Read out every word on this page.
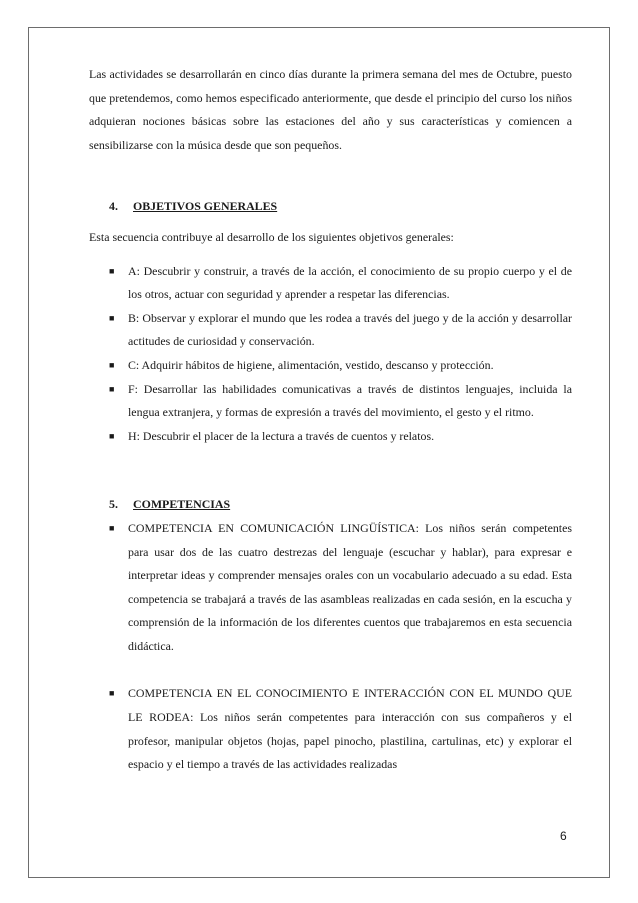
Las actividades se desarrollarán en cinco días durante la primera semana del mes de Octubre, puesto que pretendemos, como hemos especificado anteriormente, que desde el principio del curso los niños adquieran nociones básicas sobre las estaciones del año y sus características y comiencen a sensibilizarse con la música desde que son pequeños.

4.	OBJETIVOS GENERALES

Esta secuencia contribuye al desarrollo de los siguientes objetivos generales:

■ A: Descubrir y construir, a través de la acción, el conocimiento de su propio cuerpo y el de los otros, actuar con seguridad y aprender a respetar las diferencias.
■ B: Observar y explorar el mundo que les rodea a través del juego y de la acción y desarrollar actitudes de curiosidad y conservación.
■ C: Adquirir hábitos de higiene, alimentación, vestido, descanso y protección.
■ F: Desarrollar las habilidades comunicativas a través de distintos lenguajes, incluida la lengua extranjera, y formas de expresión a través del movimiento, el gesto y el ritmo.
■ H: Descubrir el placer de la lectura a través de cuentos y relatos.
5.	COMPETENCIAS
■ COMPETENCIA EN COMUNICACIÓN LINGÜÍSTICA: Los niños serán competentes para usar dos de las cuatro destrezas del lenguaje (escuchar y hablar), para expresar e interpretar ideas y comprender mensajes orales con un vocabulario adecuado a su edad. Esta competencia se trabajará a través de las asambleas realizadas en cada sesión, en la escucha y comprensión de la información de los diferentes cuentos que trabajaremos en esta secuencia didáctica.
■ COMPETENCIA EN EL CONOCIMIENTO E INTERACCIÓN CON EL MUNDO QUE LE RODEA: Los niños serán competentes para interacción con sus compañeros y el profesor, manipular objetos (hojas, papel pinocho, plastilina, cartulinas, etc) y explorar el espacio y el tiempo a través de las actividades realizadas
6
